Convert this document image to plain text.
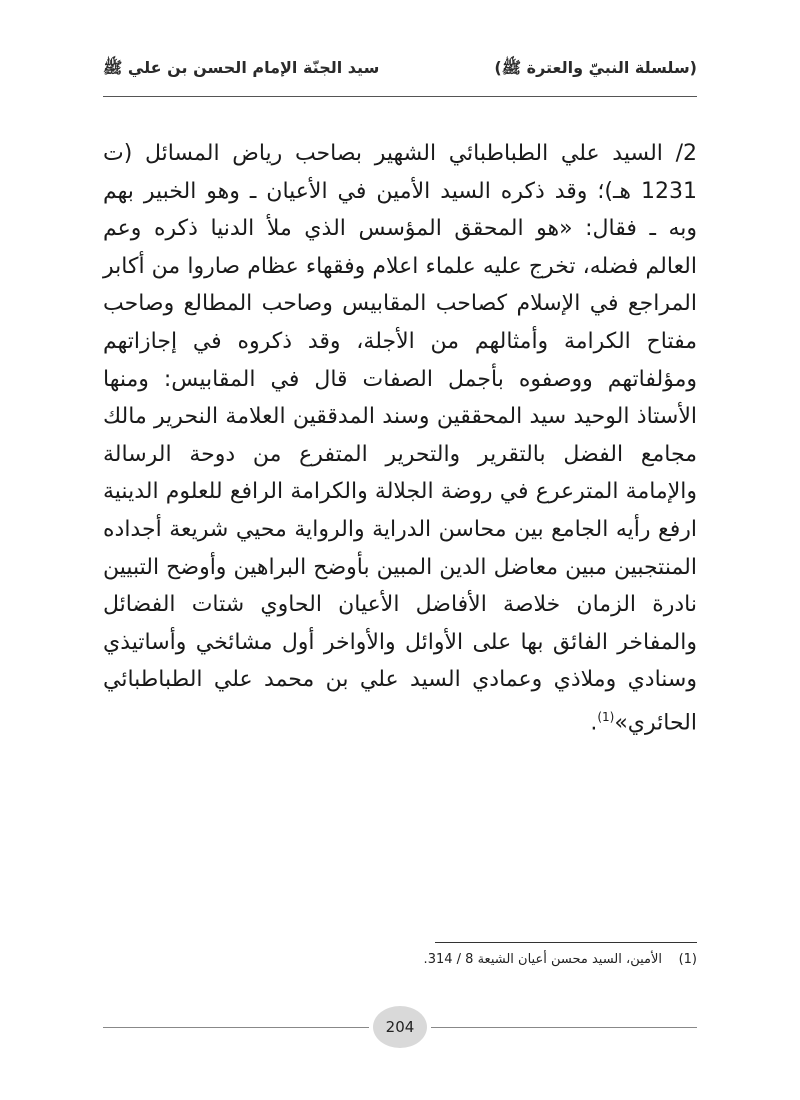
(سلسلة النبيّ والعترة ﷺ)
سيد الجنّة الإمام الحسن بن علي ﷺ
2/ السيد علي الطباطبائي الشهير بصاحب رياض المسائل (ت 1231 هـ)؛ وقد ذكره السيد الأمين في الأعيان ـ وهو الخبير بهم وبه ـ فقال: «هو المحقق المؤسس الذي ملأ الدنيا ذكره وعم العالم فضله، تخرج عليه علماء اعلام وفقهاء عظام صاروا من أكابر المراجع في الإسلام كصاحب المقابيس وصاحب المطالع وصاحب مفتاح الكرامة وأمثالهم من الأجلة، وقد ذكروه في إجازاتهم ومؤلفاتهم ووصفوه بأجمل الصفات قال في المقابيس: ومنها الأستاذ الوحيد سيد المحققين وسند المدققين العلامة النحرير مالك مجامع الفضل بالتقرير والتحرير المتفرع من دوحة الرسالة والإمامة المترعرع في روضة الجلالة والكرامة الرافع للعلوم الدينية ارفع رأيه الجامع بين محاسن الدراية والرواية محيي شريعة أجداده المنتجبين مبين معاضل الدين المبين بأوضح البراهين وأوضح التبيين نادرة الزمان خلاصة الأفاضل الأعيان الحاوي شتات الفضائل والمفاخر الفائق بها على الأوائل والأواخر أول مشائخي وأساتيذي وسنادي وملاذي وعمادي السيد علي بن محمد علي الطباطبائي الحائري»$^{(1)}$.
(1)    الأمين، السيد محسن أعيان الشيعة 8 / 314.
204
